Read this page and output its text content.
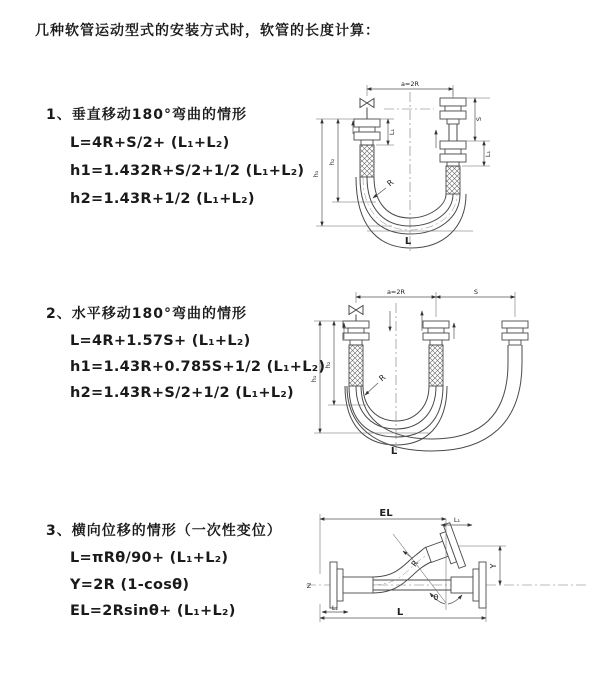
几种软管运动型式的安装方式时，软管的长度计算：
1、垂直移动180°弯曲的情形
L=4R+S/2+ (L₁+L₂)
h1=1.432R+S/2+1/2 (L₁+L₂)
h2=1.43R+1/2 (L₁+L₂)
2、水平移动180°弯曲的情形
L=4R+1.57S+ (L₁+L₂)
h1=1.43R+0.785S+1/2 (L₁+L₂)
h2=1.43R+S/2+1/2 (L₁+L₂)
3、横向位移的情形（一次性变位）
L=πRθ/90+ (L₁+L₂)
Y=2R (1-cosθ)
EL=2Rsinθ+ (L₁+L₂)
a=2R
L₁
S
L₁
h₁
h₂
L
R
a=2R	S
h₁
h₂
L
R
Z
θ
EL
L₁
Y
L₁	L
R
